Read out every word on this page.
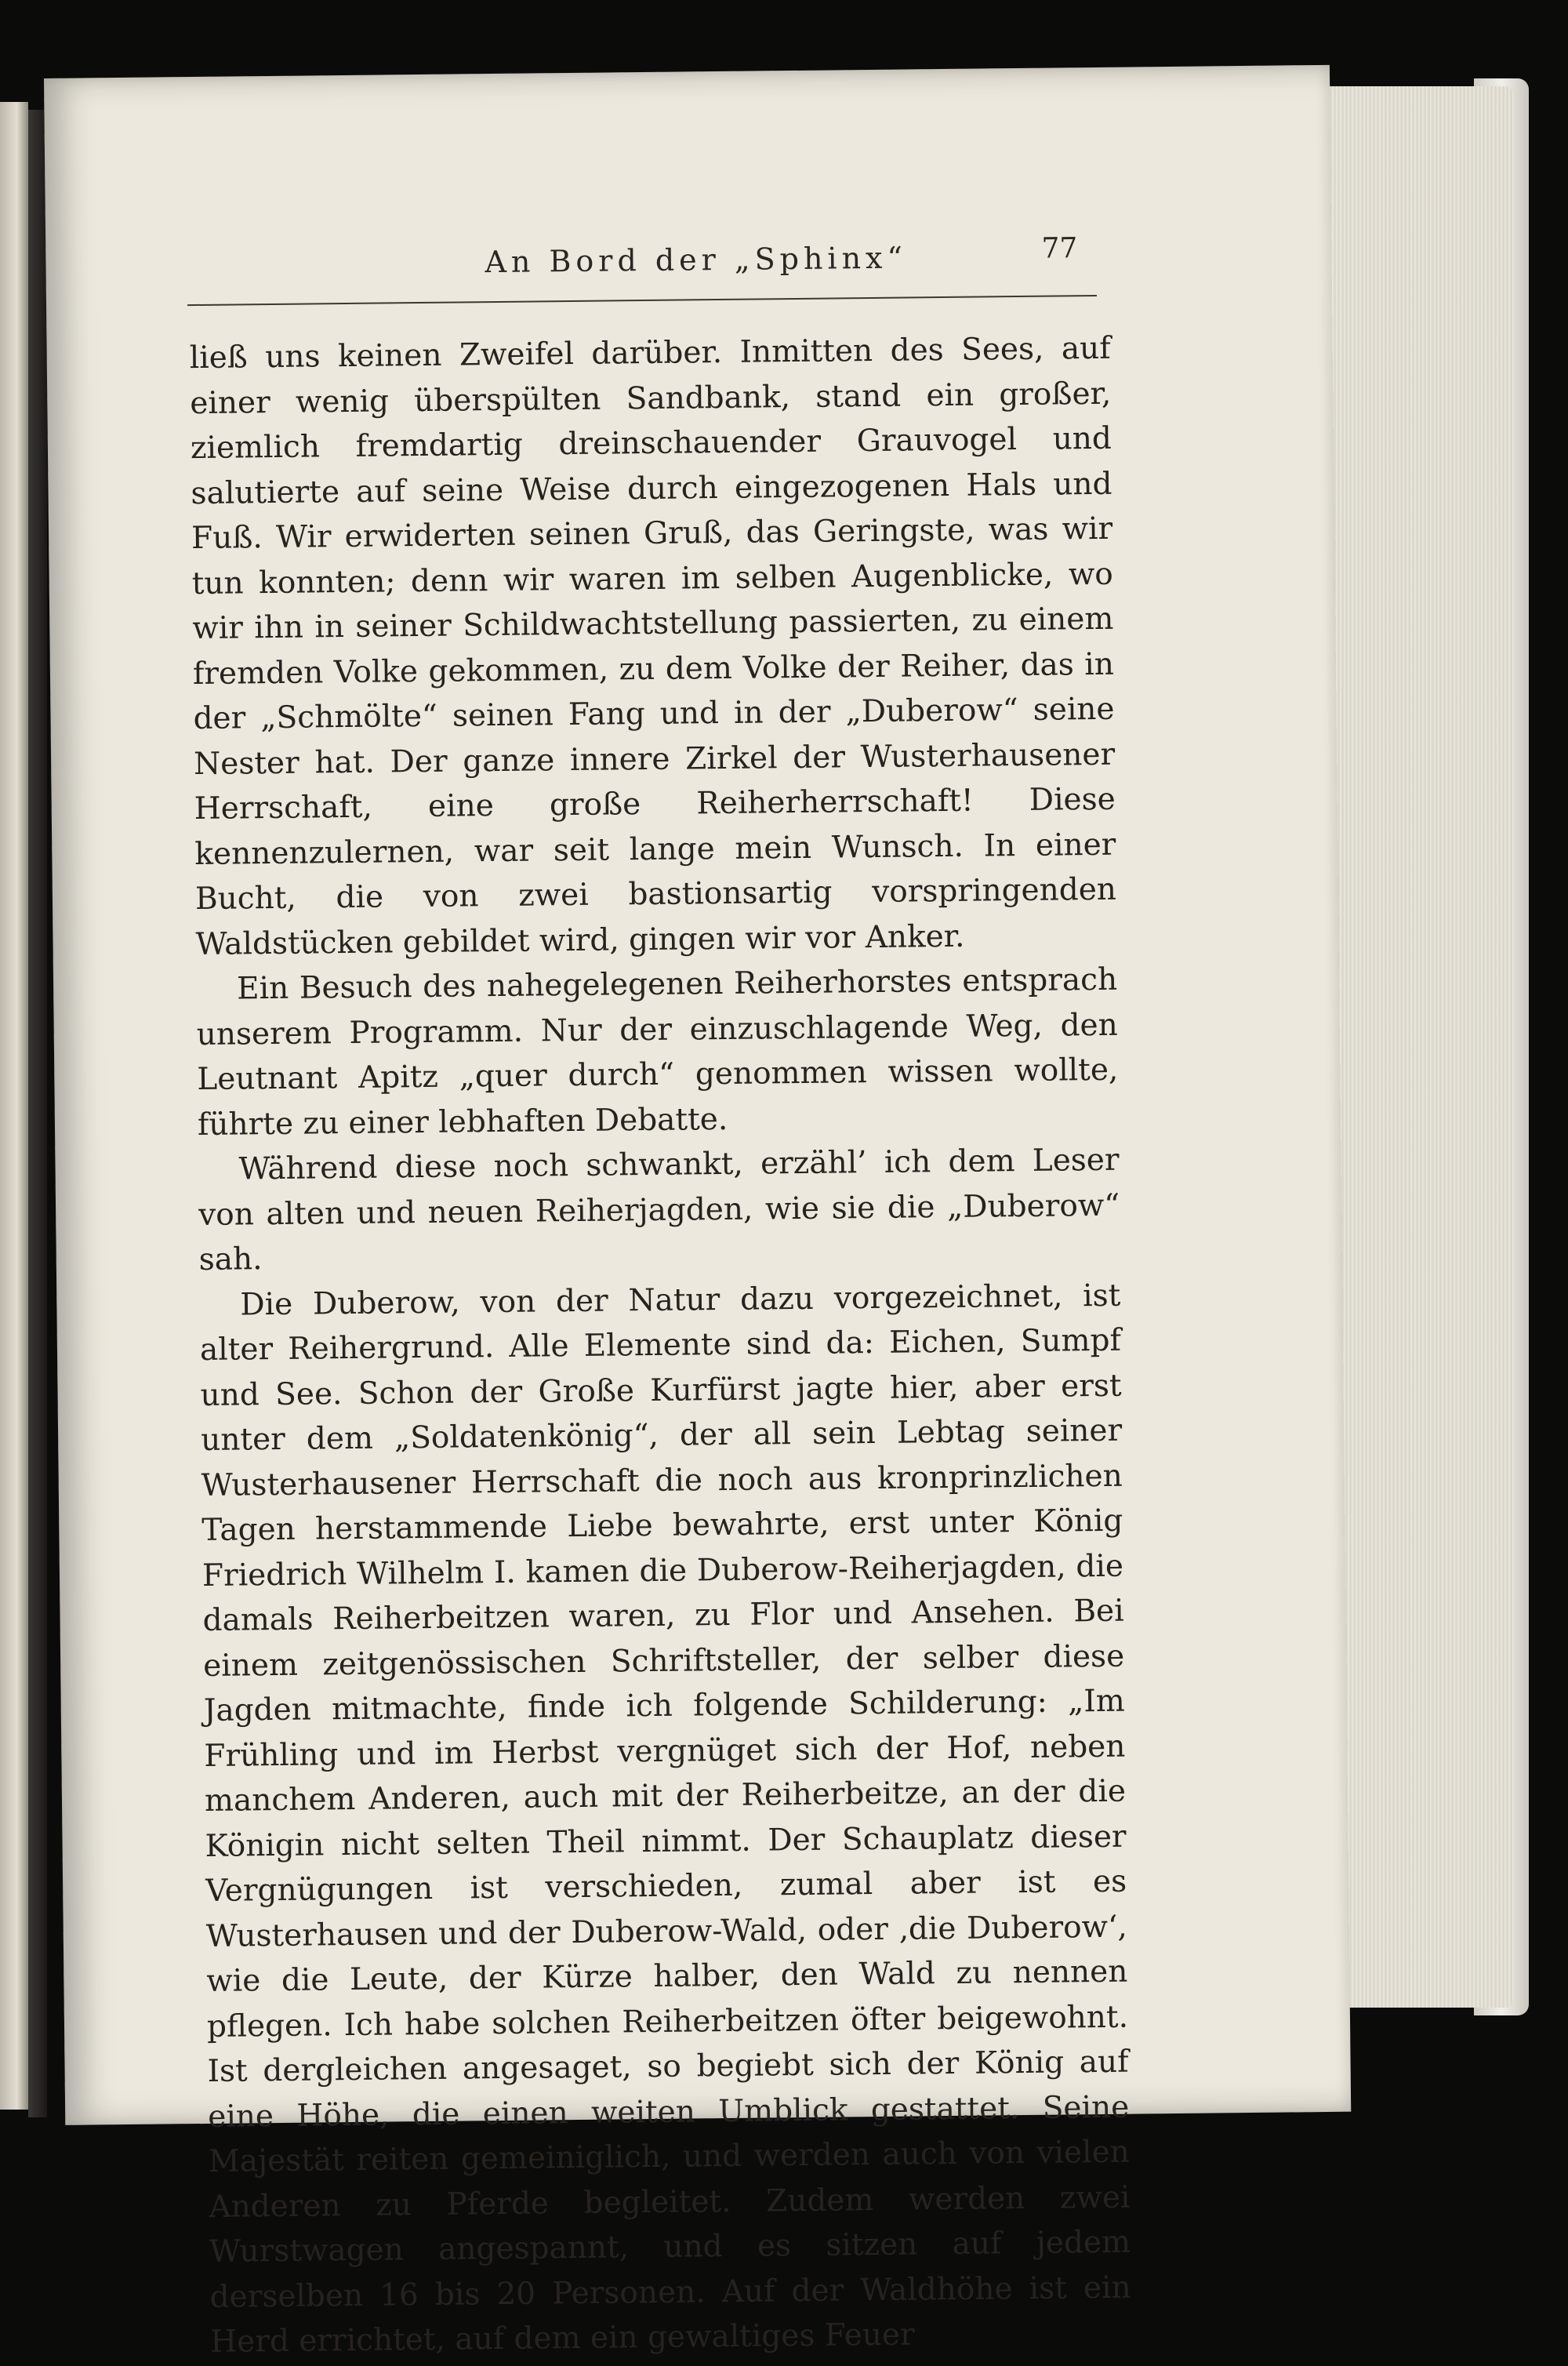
An Bord der „Sphinx“	77

ließ uns keinen Zweifel darüber. Inmitten des Sees, auf einer wenig überspülten Sandbank, stand ein großer, ziemlich fremdartig dreinschauender Grauvogel und salutierte auf seine Weise durch eingezogenen Hals und Fuß. Wir erwiderten seinen Gruß, das Geringste, was wir tun konnten; denn wir waren im selben Augenblicke, wo wir ihn in seiner Schildwachtstellung passierten, zu einem fremden Volke gekommen, zu dem Volke der Reiher, das in der „Schmölte“ seinen Fang und in der „Duberow“ seine Nester hat. Der ganze innere Zirkel der Wusterhausener Herrschaft, eine große Reiherherrschaft! Diese kennenzulernen, war seit lange mein Wunsch. In einer Bucht, die von zwei bastionsartig vorspringenden Waldstücken gebildet wird, gingen wir vor Anker.

Ein Besuch des nahegelegenen Reiherhorstes entsprach unserem Programm. Nur der einzuschlagende Weg, den Leutnant Apitz „quer durch“ genommen wissen wollte, führte zu einer lebhaften Debatte.

Während diese noch schwankt, erzähl’ ich dem Leser von alten und neuen Reiherjagden, wie sie die „Duberow“ sah.

Die Duberow, von der Natur dazu vorgezeichnet, ist alter Reihergrund. Alle Elemente sind da: Eichen, Sumpf und See. Schon der Große Kurfürst jagte hier, aber erst unter dem „Soldatenkönig“, der all sein Lebtag seiner Wusterhausener Herrschaft die noch aus kronprinzlichen Tagen herstammende Liebe bewahrte, erst unter König Friedrich Wilhelm I. kamen die Duberow-Reiherjagden, die damals Reiherbeitzen waren, zu Flor und Ansehen. Bei einem zeitgenössischen Schriftsteller, der selber diese Jagden mitmachte, finde ich folgende Schilderung: „Im Frühling und im Herbst vergnüget sich der Hof, neben manchem Anderen, auch mit der Reiherbeitze, an der die Königin nicht selten Theil nimmt. Der Schauplatz dieser Vergnügungen ist verschieden, zumal aber ist es Wusterhausen und der Duberow-Wald, oder ‚die Duberow‘, wie die Leute, der Kürze halber, den Wald zu nennen pflegen. Ich habe solchen Reiherbeitzen öfter beigewohnt. Ist dergleichen angesaget, so begiebt sich der König auf eine Höhe, die einen weiten Umblick gestattet. Seine Majestät reiten gemeiniglich, und werden auch von vielen Anderen zu Pferde begleitet. Zudem werden zwei Wurstwagen angespannt, und es sitzen auf jedem derselben 16 bis 20 Personen. Auf der Waldhöhe ist ein Herd errichtet, auf dem ein gewaltiges Feuer
